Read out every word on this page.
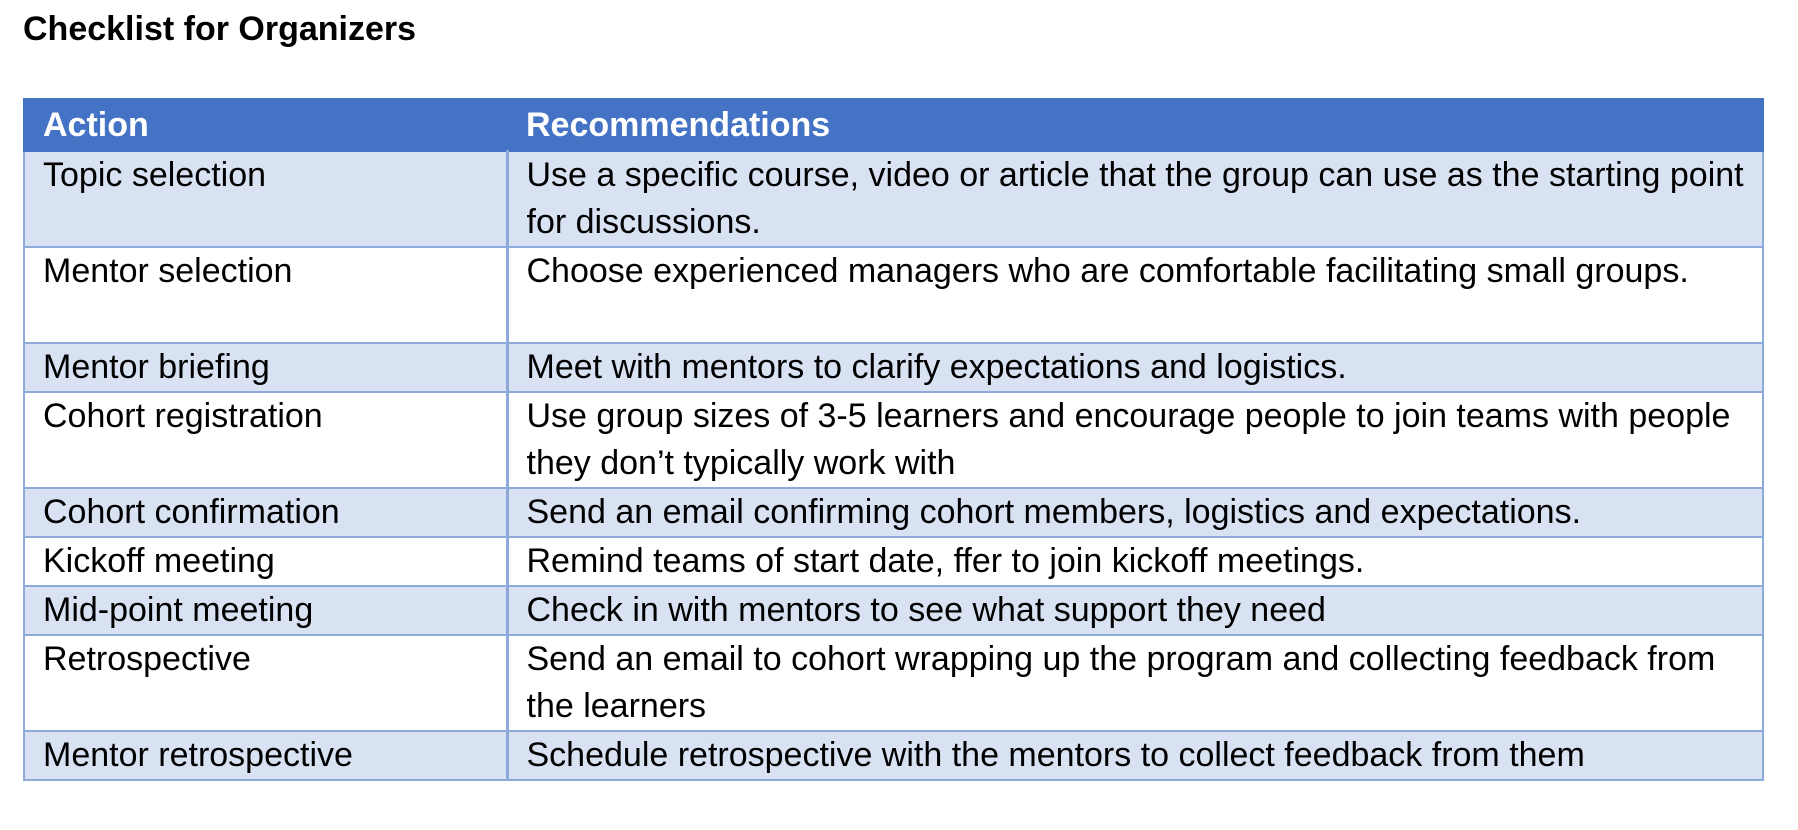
Checklist for Organizers
Action	Recommendations
Topic selection	Use a specific course, video or article that the group can use as the starting point for discussions.
Mentor selection	Choose experienced managers who are comfortable facilitating small groups.
Mentor briefing	Meet with mentors to clarify expectations and logistics.
Cohort registration	Use group sizes of 3-5 learners and encourage people to join teams with people they don’t typically work with
Cohort confirmation	Send an email confirming cohort members, logistics and expectations.
Kickoff meeting	Remind teams of start date, ffer to join kickoff meetings.
Mid-point meeting	Check in with mentors to see what support they need
Retrospective	Send an email to cohort wrapping up the program and collecting feedback from the learners
Mentor retrospective	Schedule retrospective with the mentors to collect feedback from them
